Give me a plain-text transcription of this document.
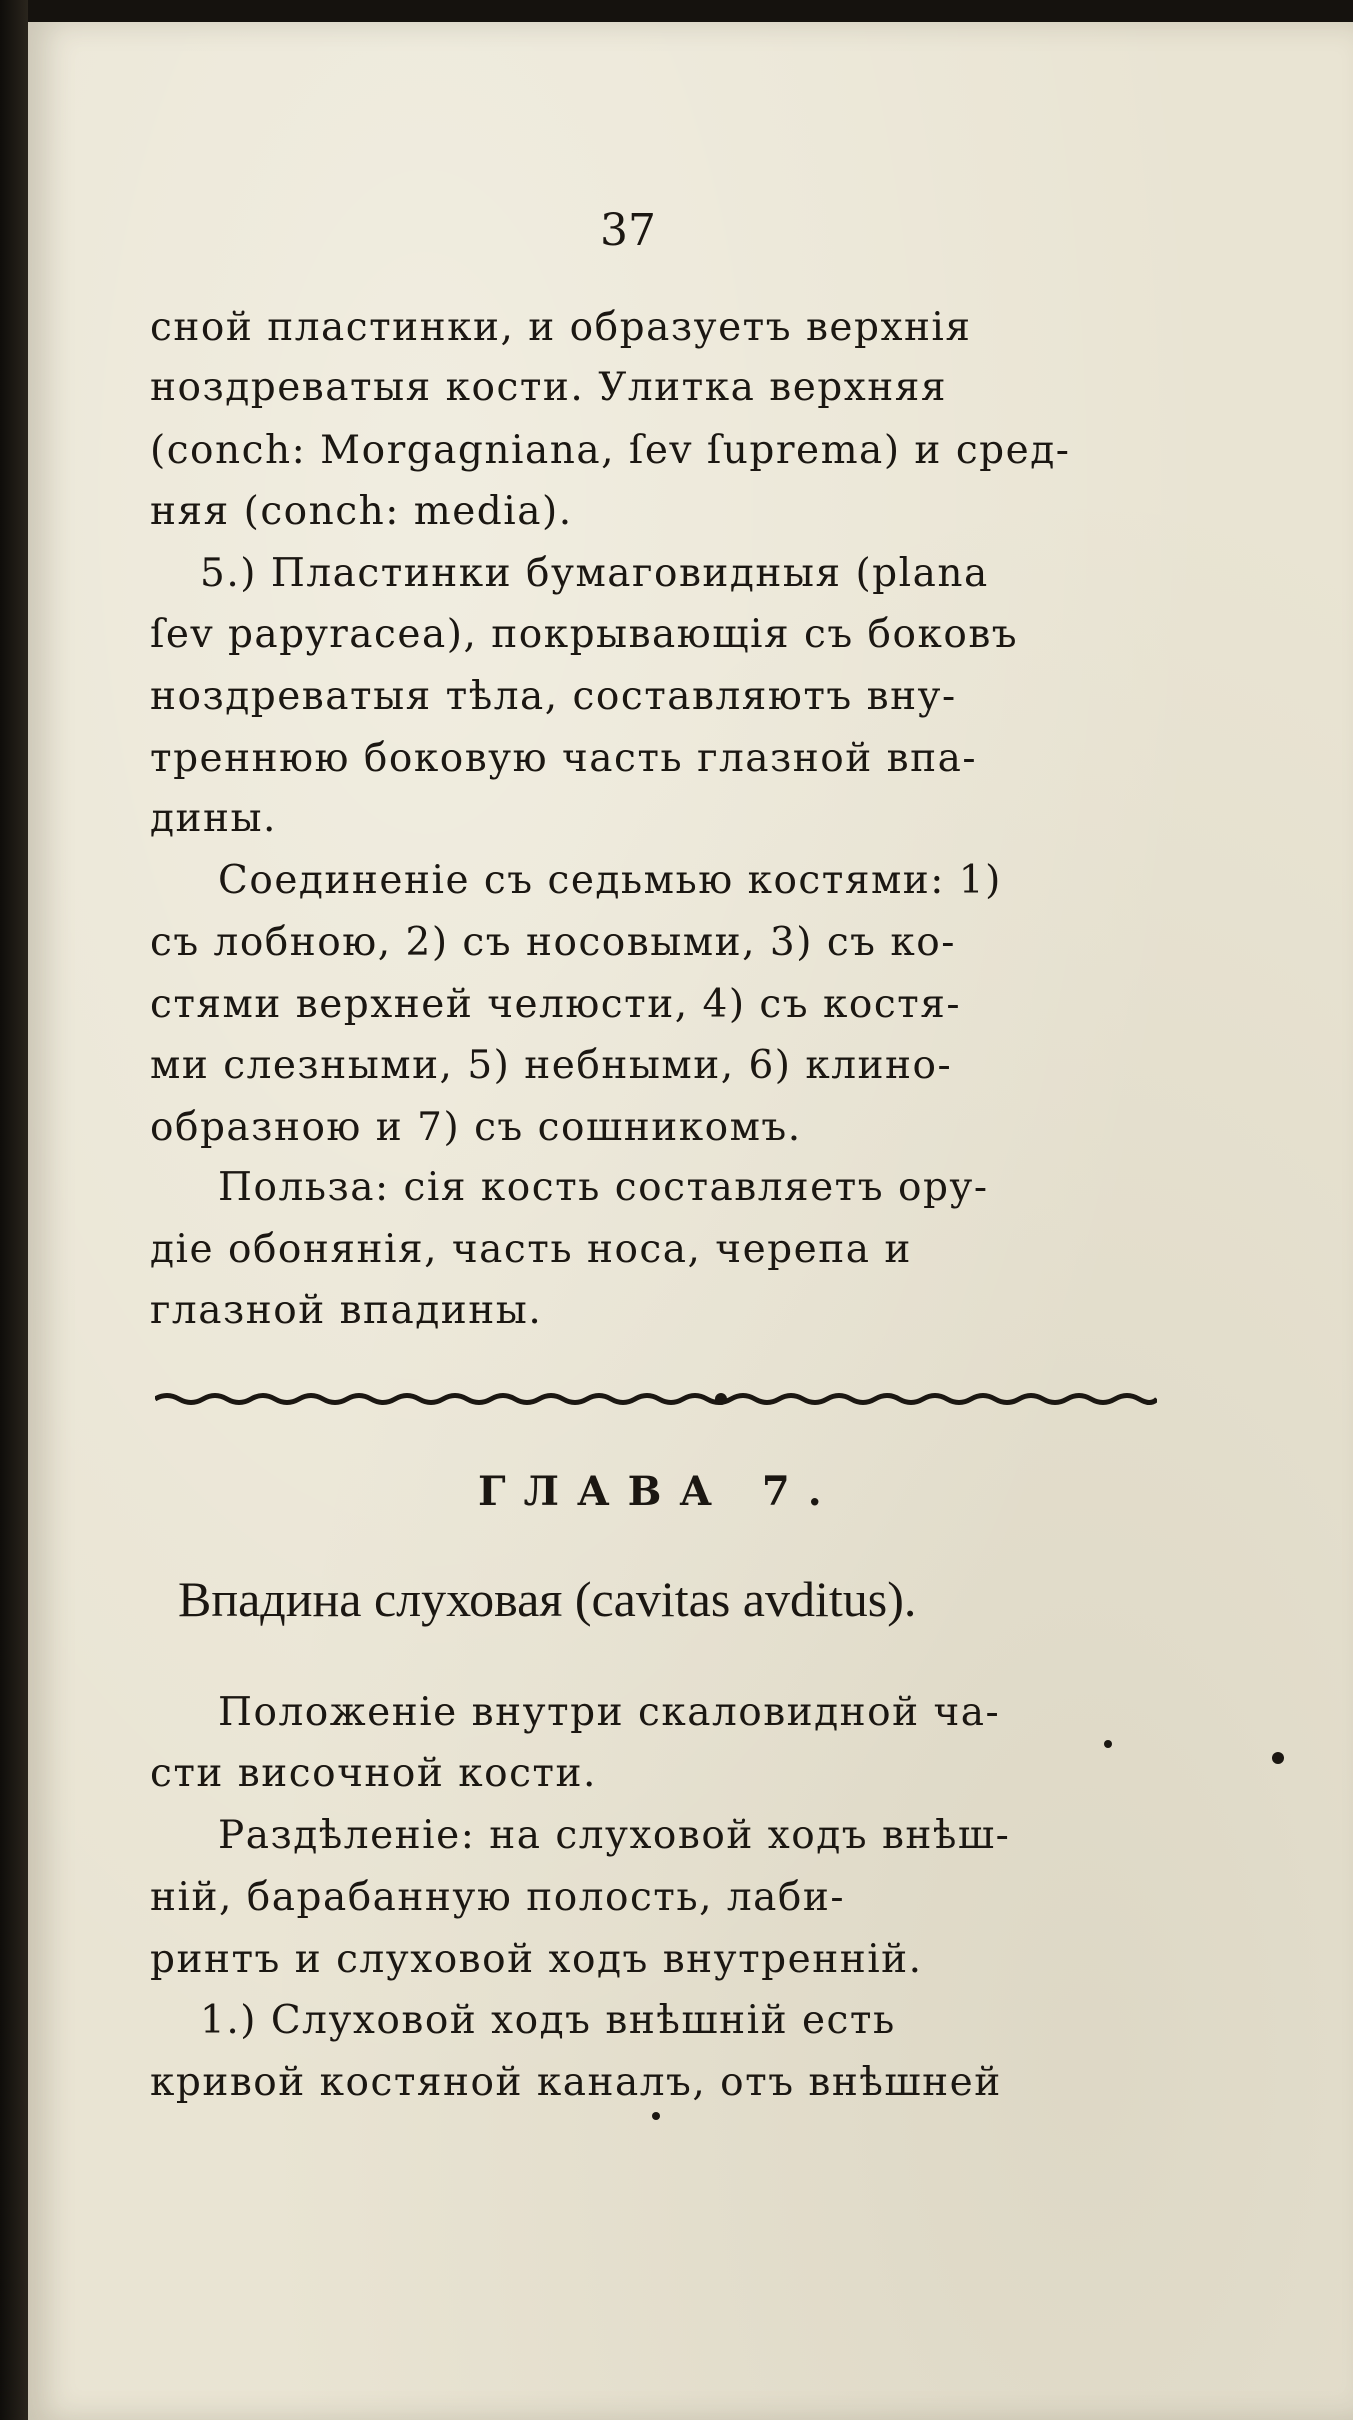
37
сной пластинки, и образуетъ верхнія
ноздреватыя кости. Улитка верхняя
(conch: Morgagniana, ſev ſuprema) и сред-
няя (conch: media).
5.) Пластинки бумаговидныя (plana
ſev рарyraсеа), покрывающія съ боковъ
ноздреватыя тѣла, составляютъ вну-
треннюю боковую часть глазной впа-
дины.
Соединеніе съ седьмью костями: 1)
съ лобною, 2) съ носовыми, 3) съ ко-
стями верхней челюсти, 4) съ костя-
ми слезными, 5) небными, 6) клино-
образною и 7) съ сошникомъ.
Польза: сія кость составляетъ ору-
діе обонянія, часть носа, черепа и
глазной впадины.
ГЛАВА 7.
Впадина слуховая (cavitas avditus).
Положеніе внутри скаловидной ча-
сти височной кости.
Раздѣленіе: на слуховой ходъ внѣш-
ній, барабанную полость, лаби-
ринтъ и слуховой ходъ внутренній.
1.) Слуховой ходъ внѣшній есть
кривой костяной каналъ, отъ внѣшней
